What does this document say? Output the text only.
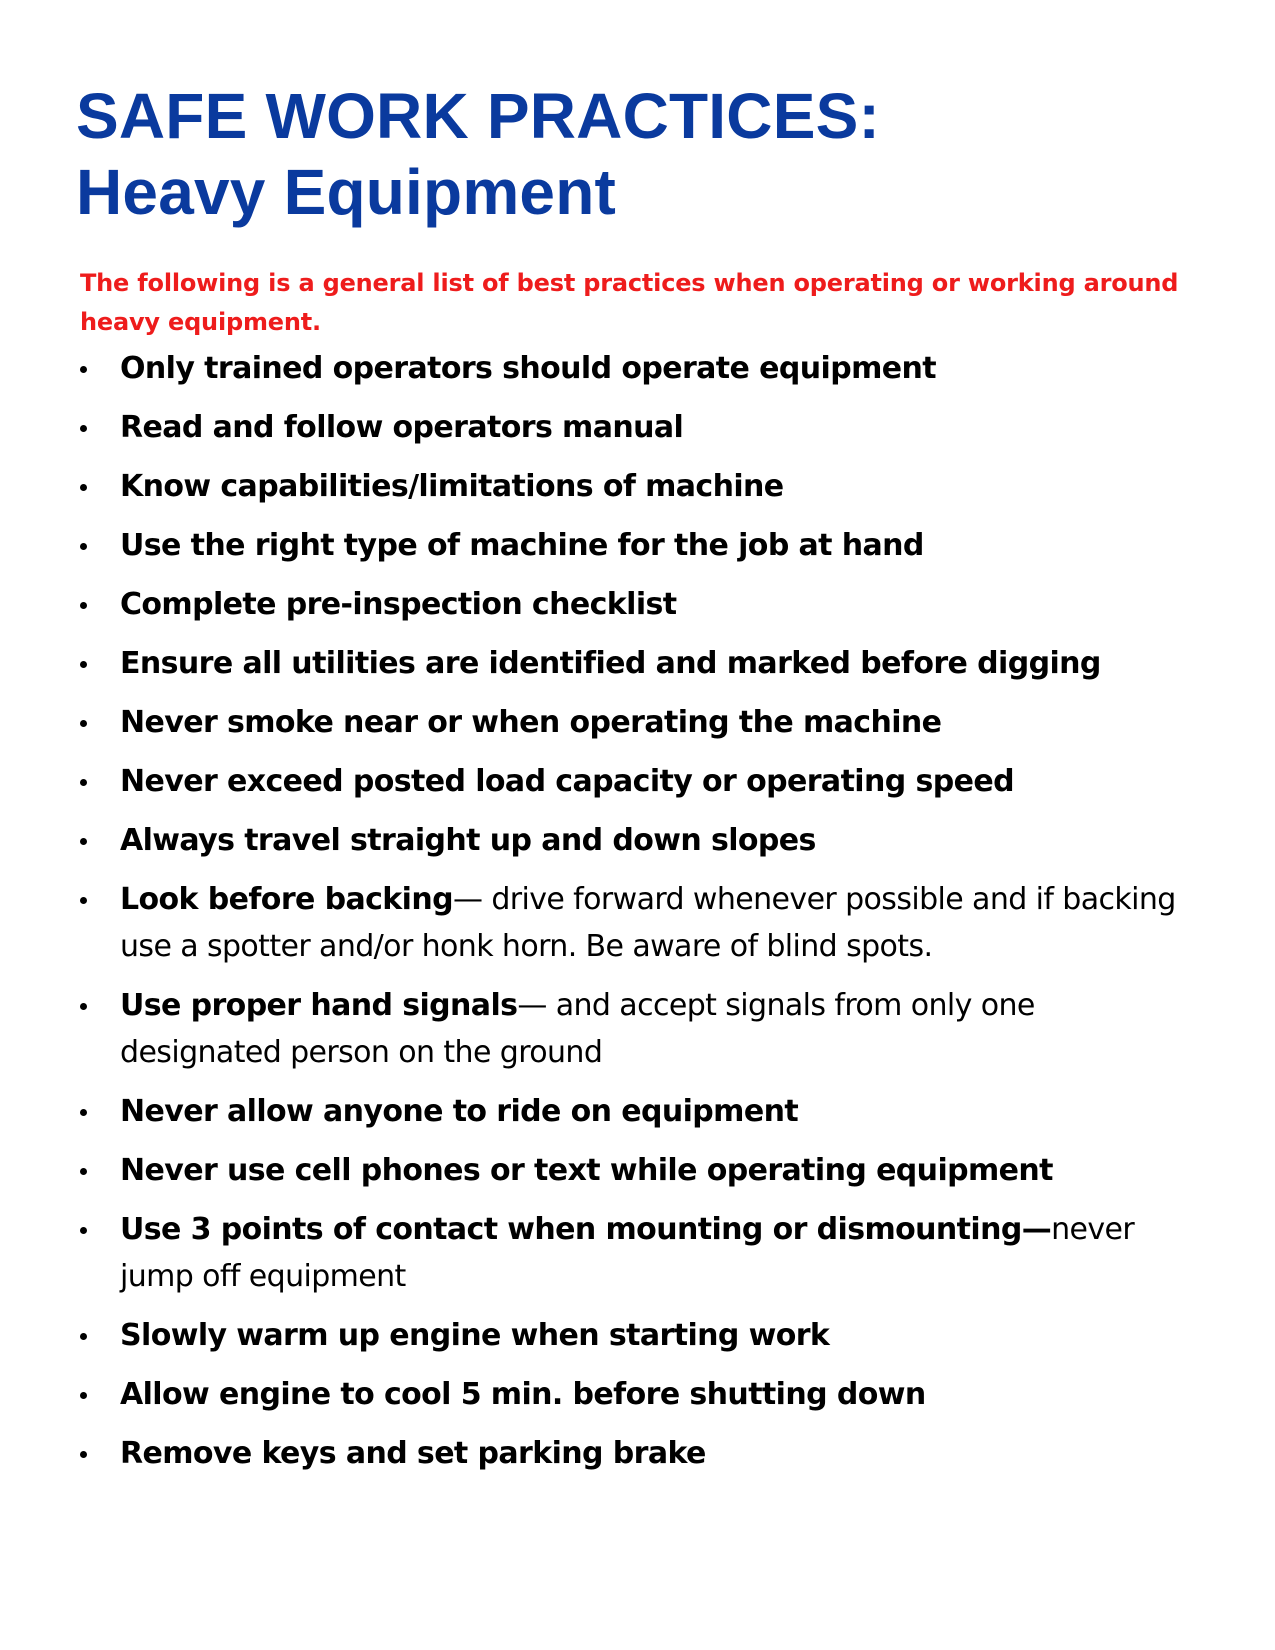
SAFE WORK PRACTICES:
Heavy Equipment

The following is a general list of best practices when operating or working around heavy equipment.

Only trained operators should operate equipment
Read and follow operators manual
Know capabilities/limitations of machine
Use the right type of machine for the job at hand
Complete pre-inspection checklist
Ensure all utilities are identified and marked before digging
Never smoke near or when operating the machine
Never exceed posted load capacity or operating speed
Always travel straight up and down slopes
Look before backing— drive forward whenever possible and if backing use a spotter and/or honk horn. Be aware of blind spots.
Use proper hand signals— and accept signals from only one designated person on the ground
Never allow anyone to ride on equipment
Never use cell phones or text while operating equipment
Use 3 points of contact when mounting or dismounting—never jump off equipment
Slowly warm up engine when starting work
Allow engine to cool 5 min. before shutting down
Remove keys and set parking brake
